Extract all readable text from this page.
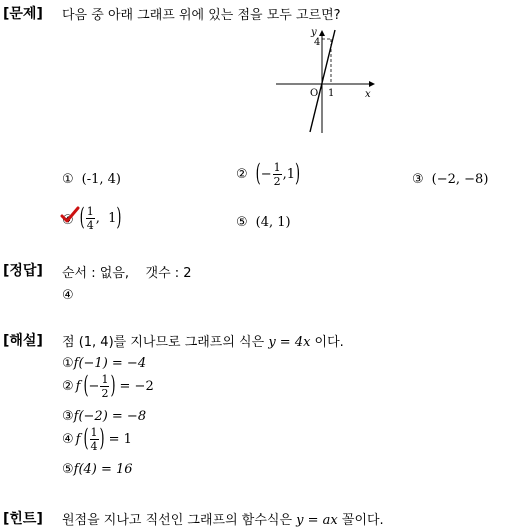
[문제] 다음 중 아래 그래프 위에 있는 점을 모두 고르면?
y
4
x
O 1
① (-1, 4)	② ( − $\frac{1}{2} ,1$ )	③ (−2, −8)
④ ( $\frac{1}{4}$ ,  1 )	⑤ (4, 1)
[정답] 순서 : 없음,    갯수 : 2
④
[해설] 점 (1, 4)를 지나므로 그래프의 식은 y = 4x 이다.
① f(−1) = −4
② f ( − $\frac{1}{2}$ ) = −2
③ f(−2) = −8
④ f ( $\frac{1}{4}$ ) = 1
⑤ f(4) = 16
[힌트] 원점을 지나고 직선인 그래프의 함수식은 y = ax 꼴이다.
